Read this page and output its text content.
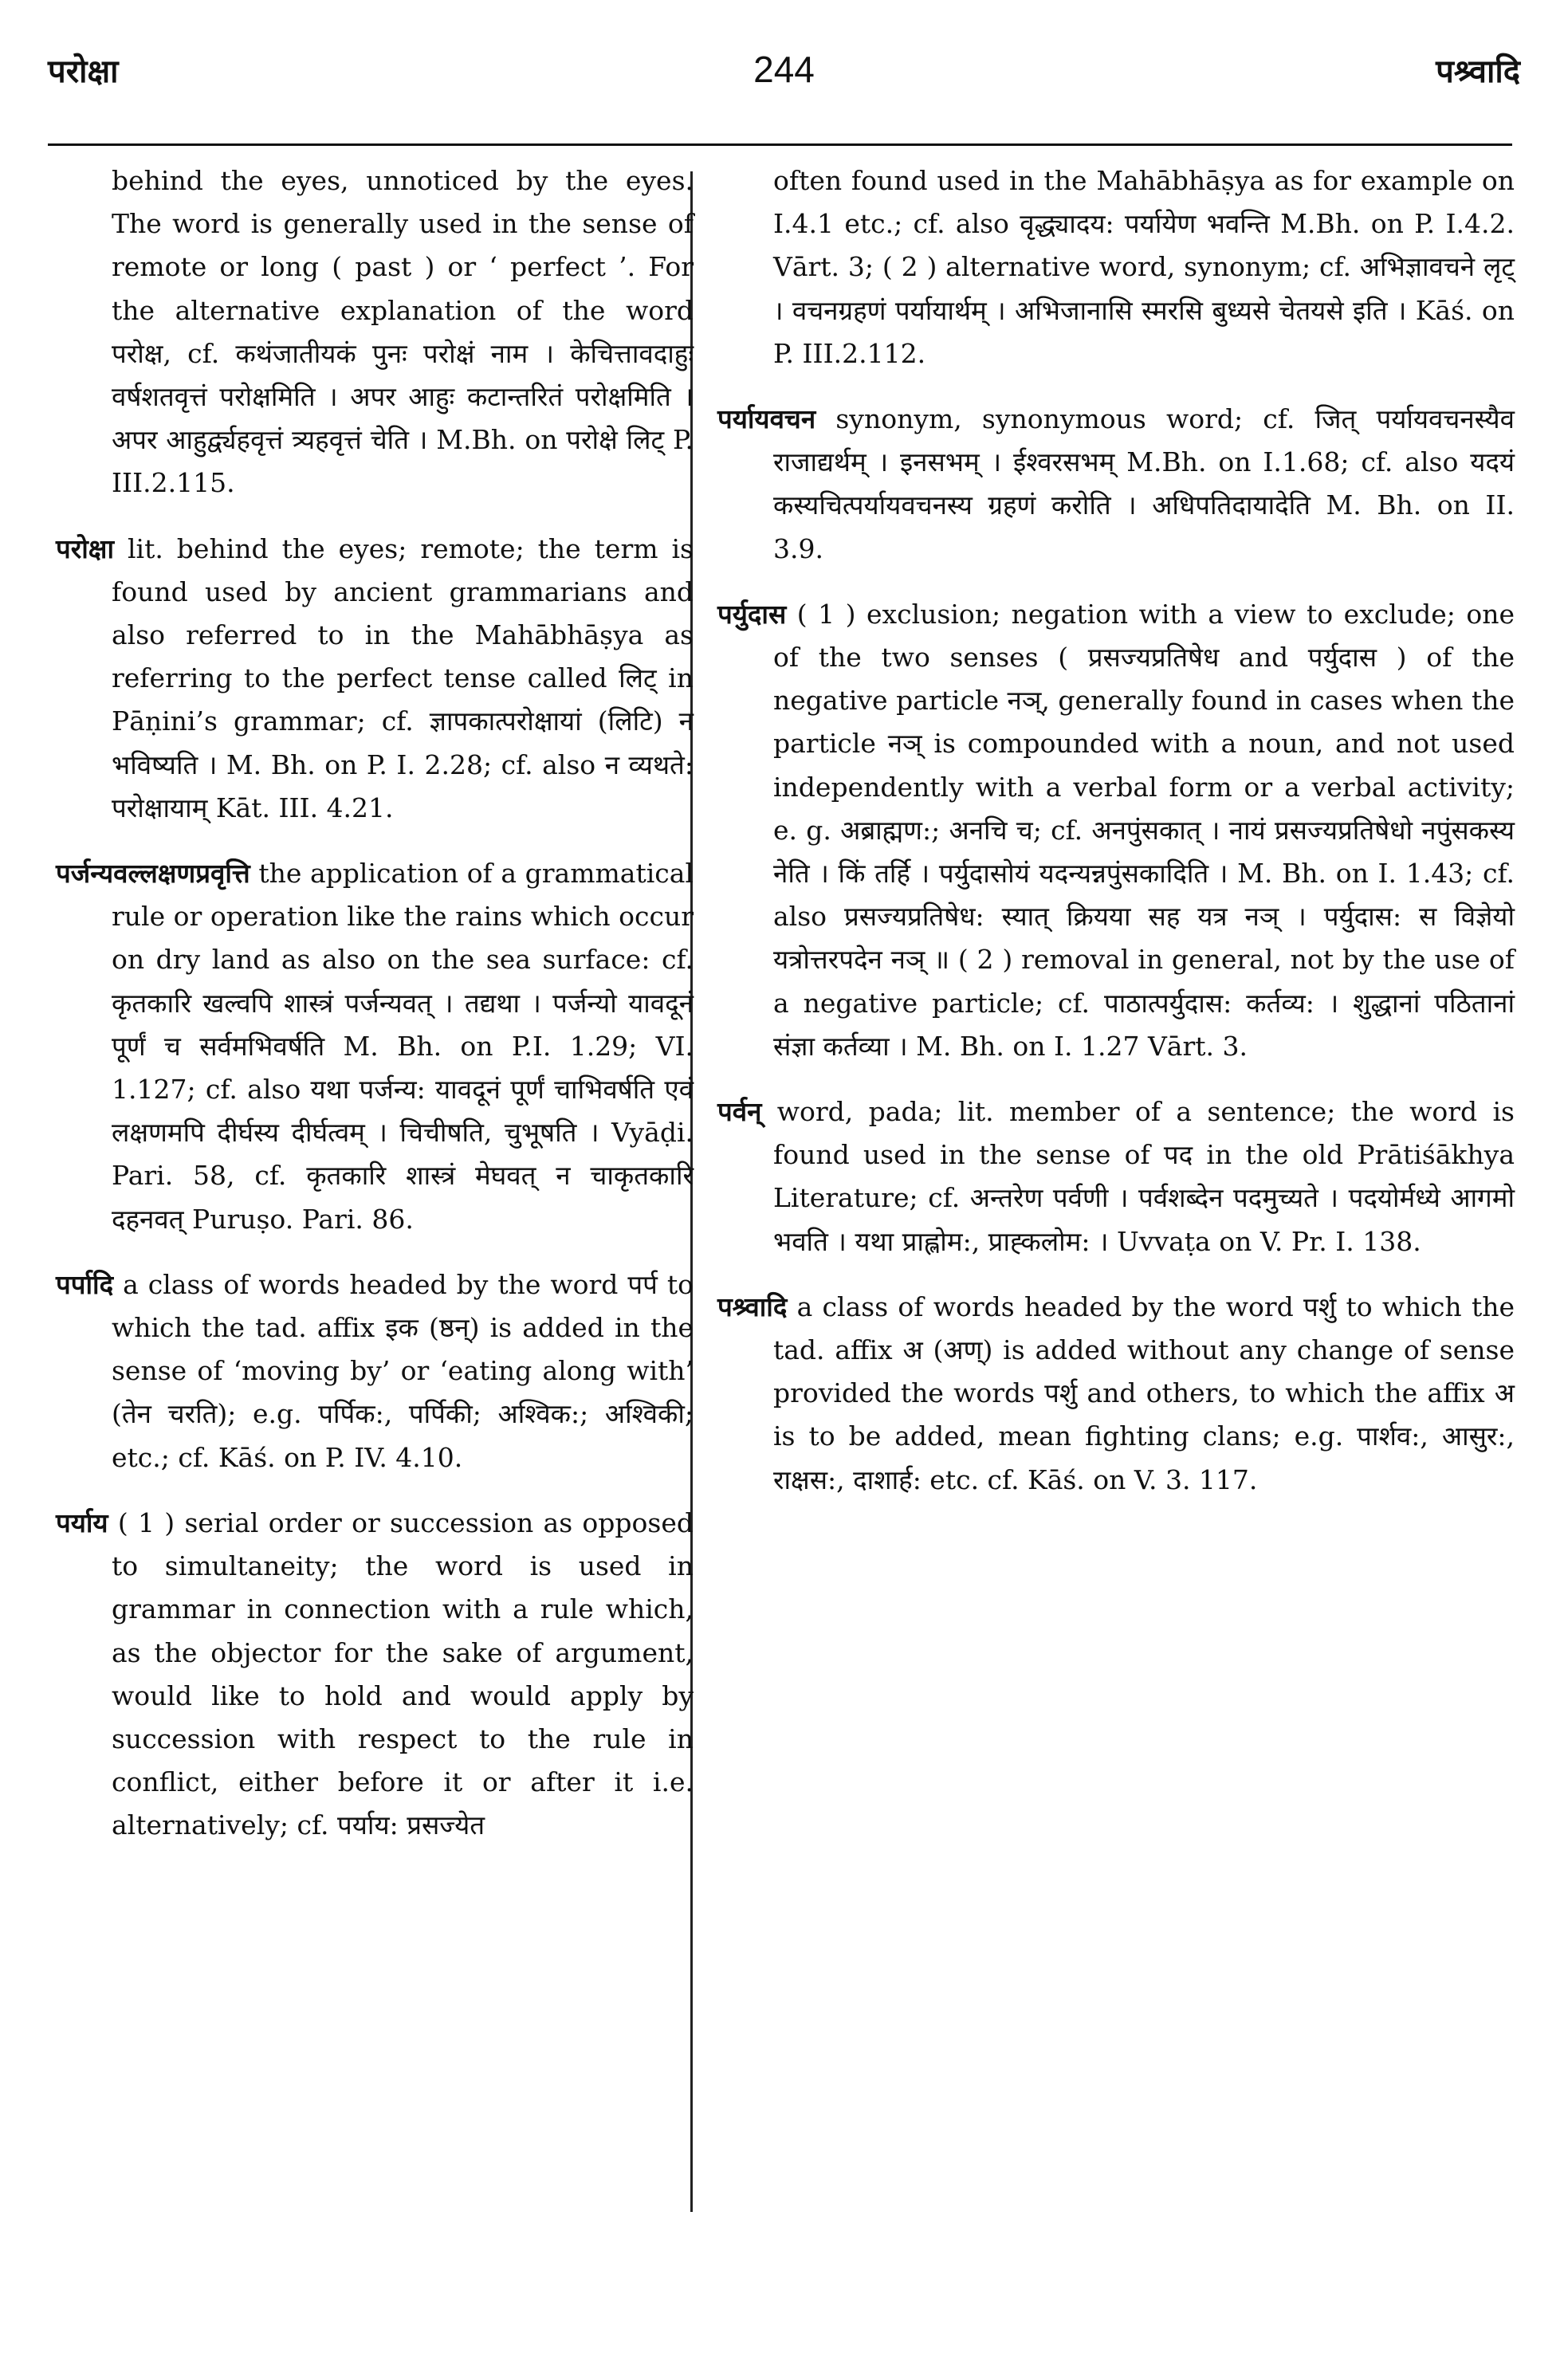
परोक्षा	244	पश्र्वादि

behind the eyes, unnoticed by the eyes. The word is generally used in the sense of remote or long ( past ) or ‘ perfect ’. For the alternative explanation of the word परोक्ष, cf. कथंजातीयकं पुनः परोक्षं नाम । केचित्तावदाहुः वर्षशतवृत्तं परोक्षमिति । अपर आहुः कटान्तरितं परोक्षमिति । अपर आहुर्द्व्यहवृत्तं त्र्यहवृत्तं चेति । M.Bh. on परोक्षे लिट् P. III.2.115.

परोक्षा lit. behind the eyes; remote; the term is found used by ancient grammarians and also referred to in the Mahābhāṣya as referring to the perfect tense called लिट् in Pāṇini’s grammar; cf. ज्ञापकात्परोक्षायां (लिटि) न भविष्यति । M. Bh. on P. I. 2.28; cf. also न व्यथते: परोक्षायाम् Kāt. III. 4.21.

पर्जन्यवल्लक्षणप्रवृत्ति the application of a grammatical rule or operation like the rains which occur on dry land as also on the sea surface: cf. कृतकारि खल्वपि शास्त्रं पर्जन्यवत् । तद्यथा । पर्जन्यो यावदूनं पूर्णं च सर्वमभिवर्षति M. Bh. on P.I. 1.29; VI. 1.127; cf. also यथा पर्जन्य: यावदूनं पूर्णं चाभिवर्षति एवं लक्षणमपि दीर्घस्य दीर्घत्वम् । चिचीषति, चुभूषति । Vyāḍi. Pari. 58, cf. कृतकारि शास्त्रं मेघवत् न चाकृतकारि दहनवत् Puruṣo. Pari. 86.

पर्पादि a class of words headed by the word पर्प to which the tad. affix इक (ष्ठन्) is added in the sense of ‘moving by’ or ‘eating along with’ (तेन चरति); e.g. पर्पिक:, पर्पिकी; अश्विक:; अश्विकी; etc.; cf. Kāś. on P. IV. 4.10.

पर्याय ( 1 ) serial order or succession as opposed to simultaneity; the word is used in grammar in connection with a rule which, as the objector for the sake of argument, would like to hold and would apply by succession with respect to the rule in conflict, either before it or after it i.e. alternatively; cf. पर्याय: प्रसज्येत

often found used in the Mahābhāṣya as for example on I.4.1 etc.; cf. also वृद्ध्यादय: पर्यायेण भवन्ति M.Bh. on P. I.4.2. Vārt. 3; ( 2 ) alternative word, synonym; cf. अभिज्ञावचने लृट् । वचनग्रहणं पर्यायार्थम् । अभिजानासि स्मरसि बुध्यसे चेतयसे इति । Kāś. on P. III.2.112.

पर्यायवचन synonym, synonymous word; cf. जित् पर्यायवचनस्यैव राजाद्यर्थम् । इनसभम् । ईश्वरसभम् M.Bh. on I.1.68; cf. also यदयं कस्यचित्पर्यायवचनस्य ग्रहणं करोति । अधिपतिदायादेति M. Bh. on II. 3.9.

पर्युदास ( 1 ) exclusion; negation with a view to exclude; one of the two senses ( प्रसज्यप्रतिषेध and पर्युदास ) of the negative particle नञ्, generally found in cases when the particle नञ् is compounded with a noun, and not used independently with a verbal form or a verbal activity; e. g. अब्राह्मण:; अनचि च; cf. अनपुंसकात् । नायं प्रसज्यप्रतिषेधो नपुंसकस्य नेति । किं तर्हि । पर्युदासोयं यदन्यन्नपुंसकादिति । M. Bh. on I. 1.43; cf. also प्रसज्यप्रतिषेध: स्यात् क्रियया सह यत्र नञ् । पर्युदास: स विज्ञेयो यत्रोत्तरपदेन नञ् ॥ ( 2 ) removal in general, not by the use of a negative particle; cf. पाठात्पर्युदास: कर्तव्य: । शुद्धानां पठितानां संज्ञा कर्तव्या । M. Bh. on I. 1.27 Vārt. 3.

पर्वन् word, pada; lit. member of a sentence; the word is found used in the sense of पद in the old Prātiśākhya Literature; cf. अन्तरेण पर्वणी । पर्वशब्देन पदमुच्यते । पदयोर्मध्ये आगमो भवति । यथा प्राह्लोम:, प्राह्कलोम: । Uvvaṭa on V. Pr. I. 138.

पश्र्वादि a class of words headed by the word पर्शु to which the tad. affix अ (अण्) is added without any change of sense provided the words पर्शु and others, to which the affix अ is to be added, mean fighting clans; e.g. पार्शव:, आसुर:, राक्षस:, दाशार्ह: etc. cf. Kāś. on V. 3. 117.
